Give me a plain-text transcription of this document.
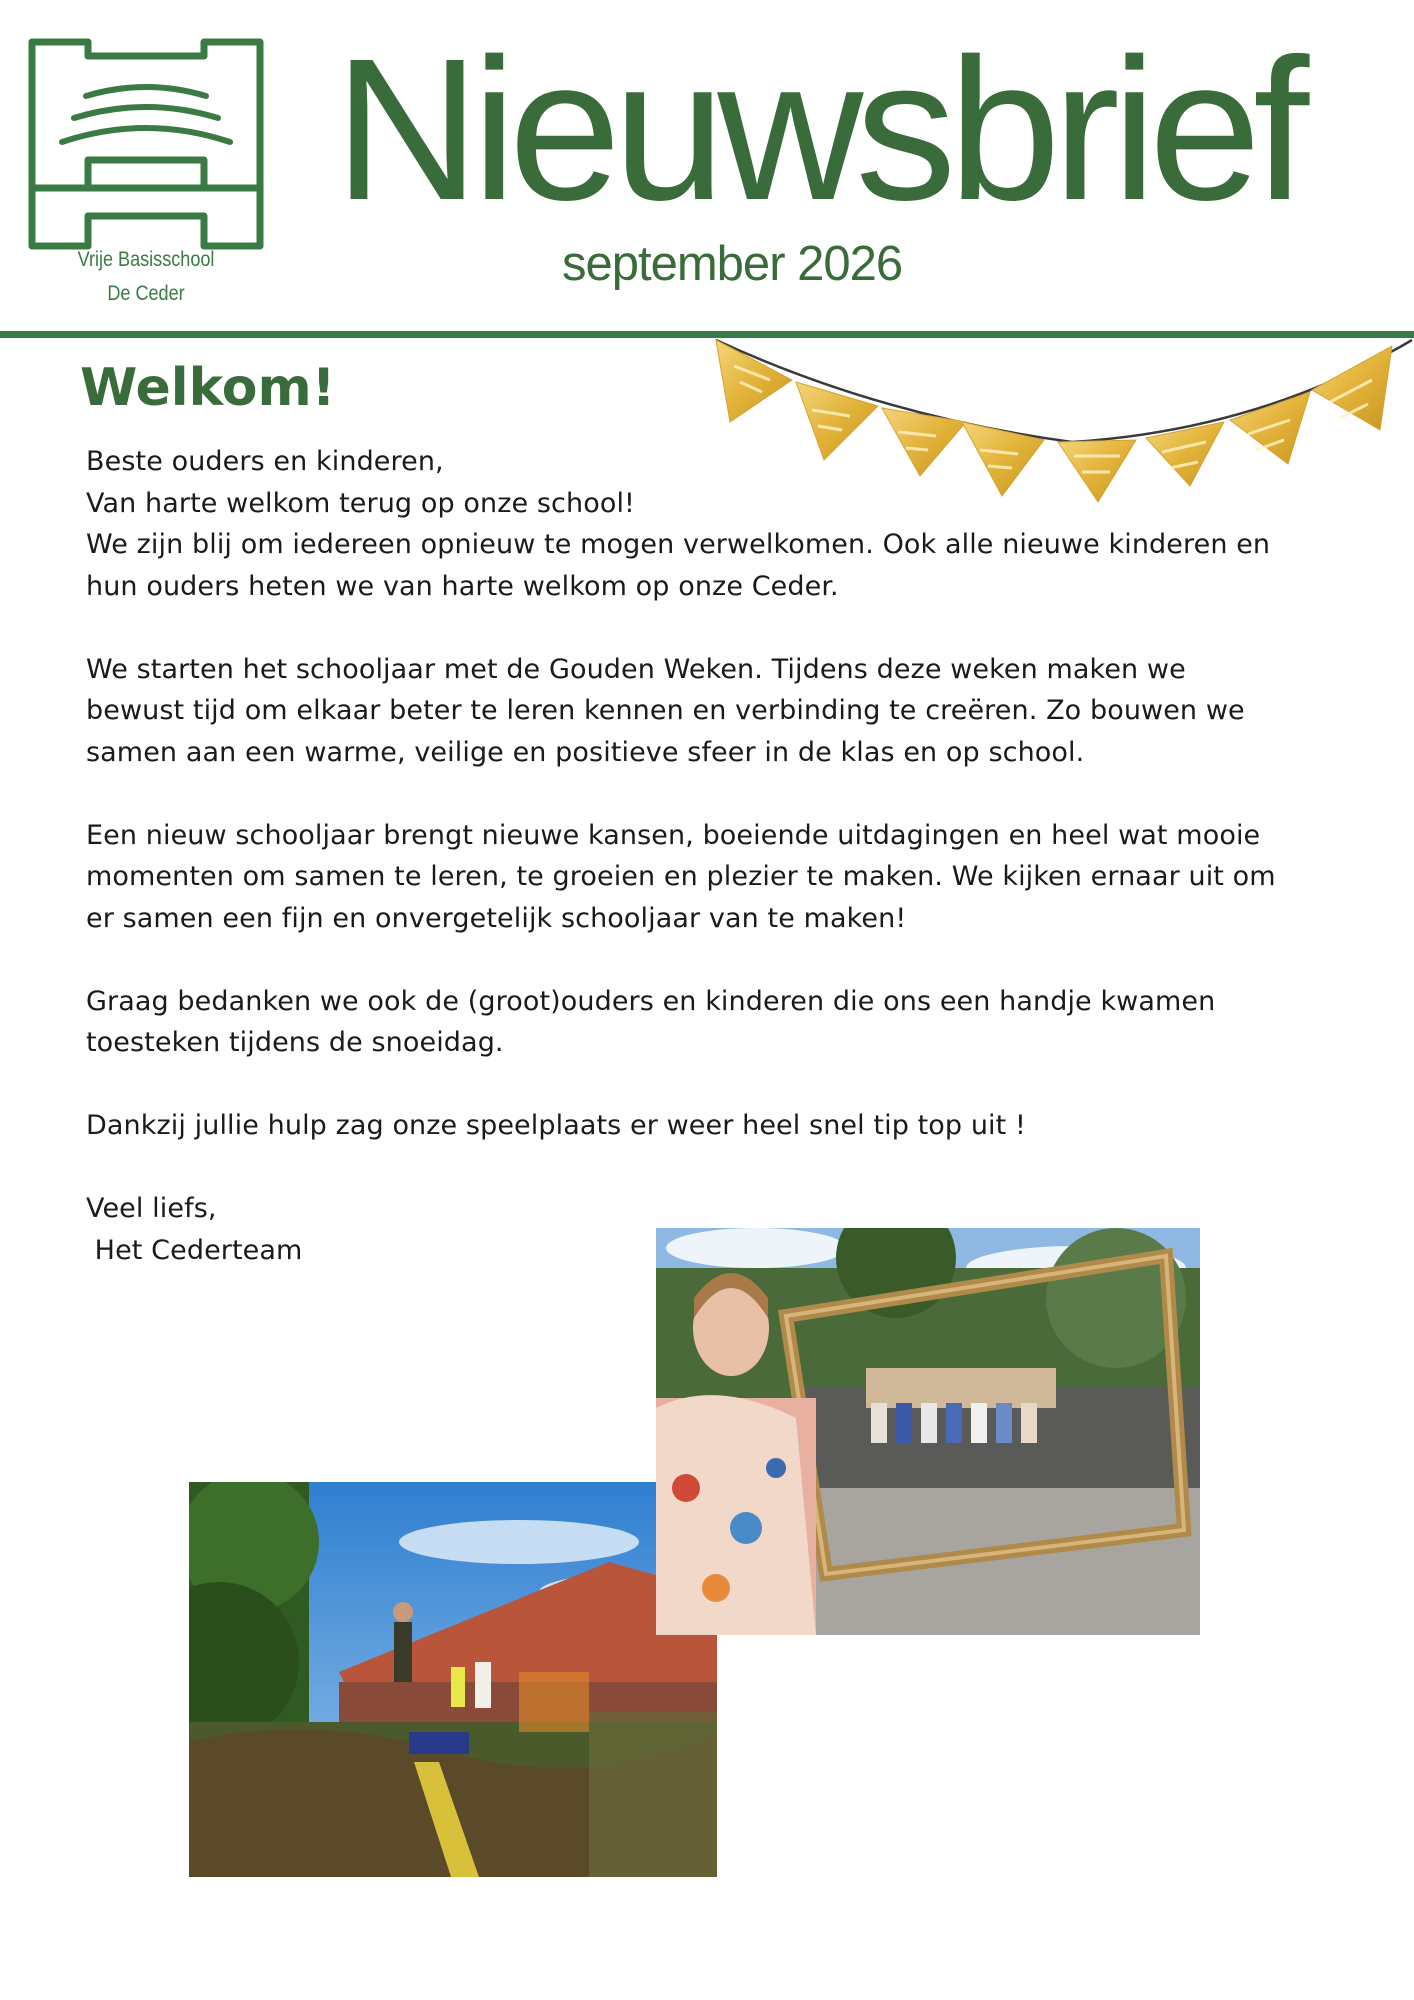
Vrije Basisschool
De Ceder
Nieuwsbrief
september 2026
Welkom!

Beste ouders en kinderen,
Van harte welkom terug op onze school!

We zijn blij om iedereen opnieuw te mogen verwelkomen. Ook alle nieuwe kinderen en
hun ouders heten we van harte welkom op onze Ceder.

We starten het schooljaar met de Gouden Weken. Tijdens deze weken maken we
bewust tijd om elkaar beter te leren kennen en verbinding te creëren. Zo bouwen we
samen aan een warme, veilige en positieve sfeer in de klas en op school.

Een nieuw schooljaar brengt nieuwe kansen, boeiende uitdagingen en heel wat mooie
momenten om samen te leren, te groeien en plezier te maken. We kijken ernaar uit om
er samen een fijn en onvergetelijk schooljaar van te maken!

Graag bedanken we ook de (groot)ouders en kinderen die ons een handje kwamen
toesteken tijdens de snoeidag.

Dankzij jullie hulp zag onze speelplaats er weer heel snel tip top uit !

Veel liefs,
Het Cederteam
